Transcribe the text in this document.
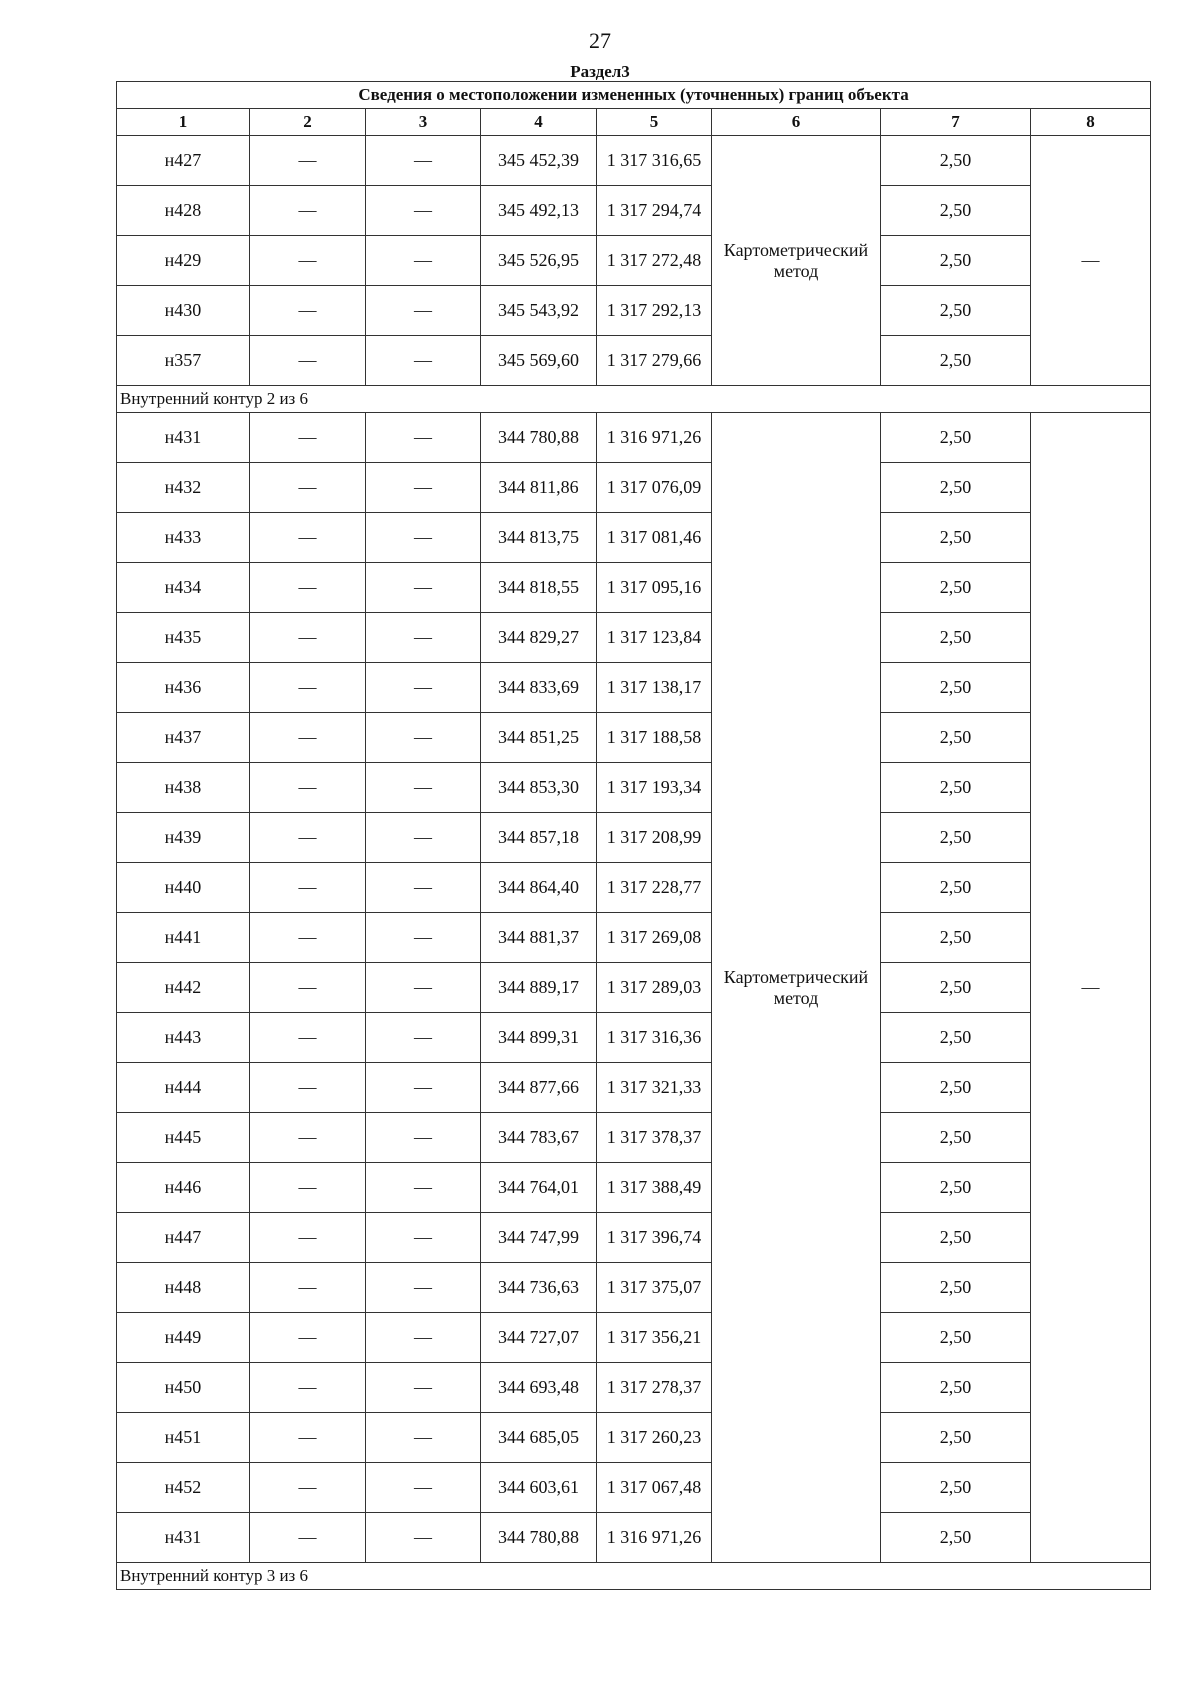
27
Раздел3
Сведения о местоположении измененных (уточненных) границ объекта							
1	2	3	4	5	6	7	8
н427	—	—	345 452,39	1 317 316,65	Картометрический метод	2,50	—
н428	—	—	345 492,13	1 317 294,74		2,50	
н429	—	—	345 526,95	1 317 272,48		2,50	
н430	—	—	345 543,92	1 317 292,13		2,50	
н357	—	—	345 569,60	1 317 279,66		2,50	
Внутренний контур 2 из 6							
н431	—	—	344 780,88	1 316 971,26	Картометрический метод	2,50	—
н432	—	—	344 811,86	1 317 076,09		2,50	
н433	—	—	344 813,75	1 317 081,46		2,50	
н434	—	—	344 818,55	1 317 095,16		2,50	
н435	—	—	344 829,27	1 317 123,84		2,50	
н436	—	—	344 833,69	1 317 138,17		2,50	
н437	—	—	344 851,25	1 317 188,58		2,50	
н438	—	—	344 853,30	1 317 193,34		2,50	
н439	—	—	344 857,18	1 317 208,99		2,50	
н440	—	—	344 864,40	1 317 228,77		2,50	
н441	—	—	344 881,37	1 317 269,08		2,50	
н442	—	—	344 889,17	1 317 289,03		2,50	
н443	—	—	344 899,31	1 317 316,36		2,50	
н444	—	—	344 877,66	1 317 321,33		2,50	
н445	—	—	344 783,67	1 317 378,37		2,50	
н446	—	—	344 764,01	1 317 388,49		2,50	
н447	—	—	344 747,99	1 317 396,74		2,50	
н448	—	—	344 736,63	1 317 375,07		2,50	
н449	—	—	344 727,07	1 317 356,21		2,50	
н450	—	—	344 693,48	1 317 278,37		2,50	
н451	—	—	344 685,05	1 317 260,23		2,50	
н452	—	—	344 603,61	1 317 067,48		2,50	
н431	—	—	344 780,88	1 316 971,26		2,50	
Внутренний контур 3 из 6							
